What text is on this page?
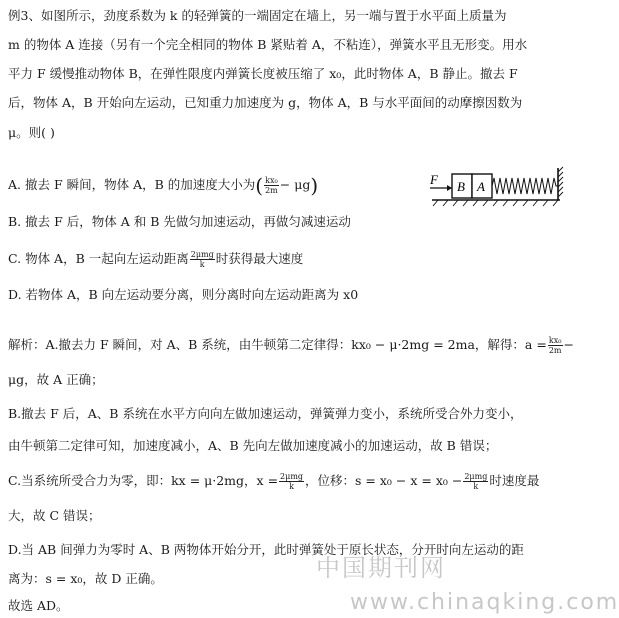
例3、如图所示，劲度系数为 k 的轻弹簧的一端固定在墙上，另一端与置于水平面上质量为
m 的物体 A 连接（另有一个完全相同的物体 B 紧贴着 A，不粘连），弹簧水平且无形变。用水
平力 F 缓慢推动物体 B，在弹性限度内弹簧长度被压缩了 x₀，此时物体 A，B 静止。撤去 F
后，物体 A，B 开始向左运动，已知重力加速度为 g，物体 A，B 与水平面间的动摩擦因数为
μ。则( )
A. 撤去 F 瞬间，物体 A，B 的加速度大小为( $\frac{\text{kx₀}}{2m} - \mu g$)
B. 撤去 F 后，物体 A 和 B 先做匀加速运动，再做匀减速运动
C. 物体 A，B 一起向左运动距离 $\frac{\text{2μmg}}{k}$ 时获得最大速度
D. 若物体 A，B 向左运动要分离，则分离时向左运动距离为 x0
F B A
解析：A.撤去力 F 瞬间，对 A、B 系统，由牛顿第二定律得：kx₀ − μ·2mg = 2ma，解得：$a = \frac{\text{kx₀}}{2m}$ −
μg，故 A 正确；
B.撤去 F 后，A、B 系统在水平方向向左做加速运动，弹簧弹力变小，系统所受合外力变小，
由牛顿第二定律可知，加速度减小，A、B 先向左做加速度减小的加速运动，故 B 错误；
C.当系统所受合力为零，即：kx = μ·2mg，$x = \frac{\text{2μmg}}{k}$ ，位移：$s = x_0 - x = x_0 - \frac{\text{2μmg}}{k}$ 时速度最
大，故 C 错误；
D.当 AB 间弹力为零时 A、B 两物体开始分开，此时弹簧处于原长状态，分开时向左运动的距
离为：s = x₀，故 D 正确。
故选 AD。
中国期刊网
www.chinaqking.com
